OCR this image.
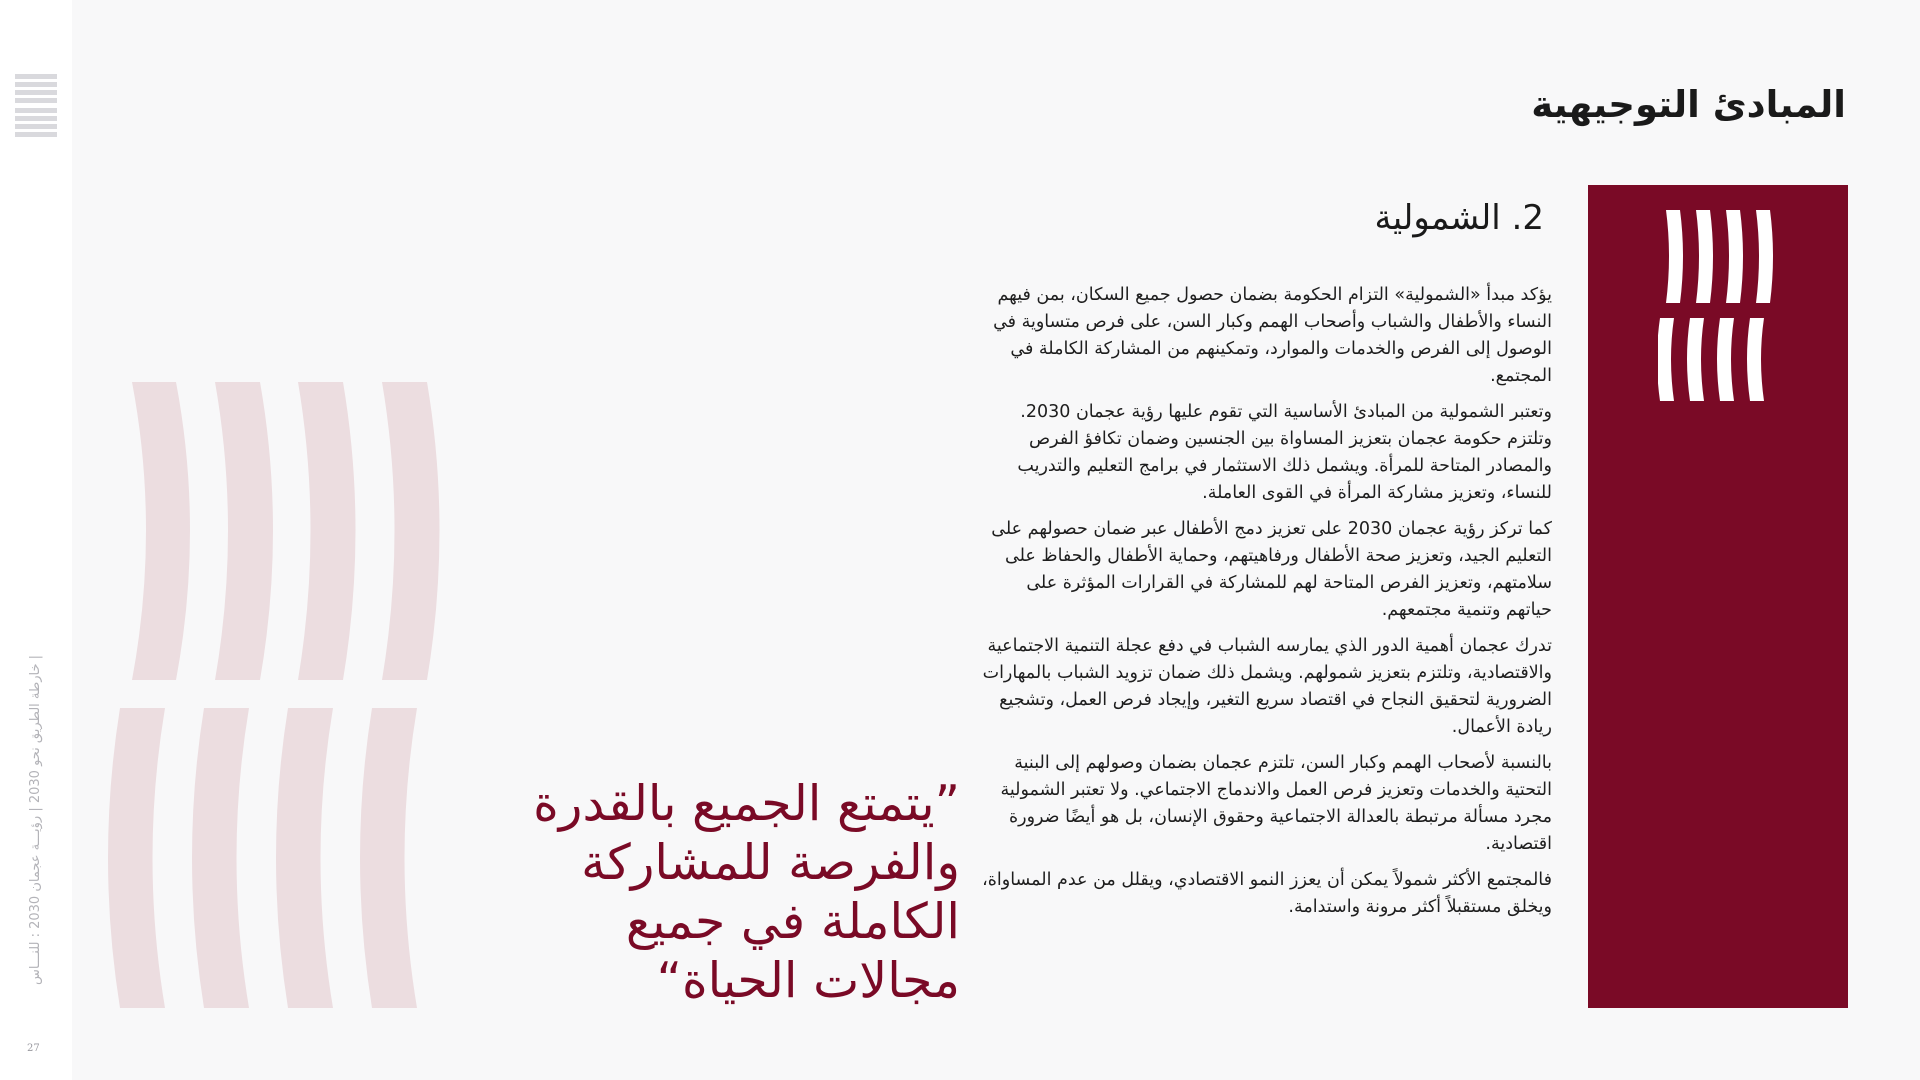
خارطة الطريق نحو 2030 | رؤيـــة عجمان 2030 : للنـــاس |
27
المبادئ التوجيهية
2. الشمولية

يؤكد مبدأ «الشمولية» التزام الحكومة بضمان حصول جميع السكان، بمن فيهم النساء والأطفال والشباب وأصحاب الهمم وكبار السن، على فرص متساوية في الوصول إلى الفرص والخدمات والموارد، وتمكينهم من المشاركة الكاملة في المجتمع.

وتعتبر الشمولية من المبادئ الأساسية التي تقوم عليها رؤية عجمان 2030. وتلتزم حكومة عجمان بتعزيز المساواة بين الجنسين وضمان تكافؤ الفرص والمصادر المتاحة للمرأة. ويشمل ذلك الاستثمار في برامج التعليم والتدريب للنساء، وتعزيز مشاركة المرأة في القوى العاملة.

كما تركز رؤية عجمان 2030 على تعزيز دمج الأطفال عبر ضمان حصولهم على التعليم الجيد، وتعزيز صحة الأطفال ورفاهيتهم، وحماية الأطفال والحفاظ على سلامتهم، وتعزيز الفرص المتاحة لهم للمشاركة في القرارات المؤثرة على حياتهم وتنمية مجتمعهم.

تدرك عجمان أهمية الدور الذي يمارسه الشباب في دفع عجلة التنمية الاجتماعية والاقتصادية، وتلتزم بتعزيز شمولهم. ويشمل ذلك ضمان تزويد الشباب بالمهارات الضرورية لتحقيق النجاح في اقتصاد سريع التغير، وإيجاد فرص العمل، وتشجيع ريادة الأعمال.

بالنسبة لأصحاب الهمم وكبار السن، تلتزم عجمان بضمان وصولهم إلى البنية التحتية والخدمات وتعزيز فرص العمل والاندماج الاجتماعي. ولا تعتبر الشمولية مجرد مسألة مرتبطة بالعدالة الاجتماعية وحقوق الإنسان، بل هو أيضًا ضرورة اقتصادية.

فالمجتمع الأكثر شمولاً يمكن أن يعزز النمو الاقتصادي، ويقلل من عدم المساواة، ويخلق مستقبلاً أكثر مرونة واستدامة.

”يتمتع الجميع بالقدرة والفرصة للمشاركة الكاملة في جميع مجالات الحياة“
